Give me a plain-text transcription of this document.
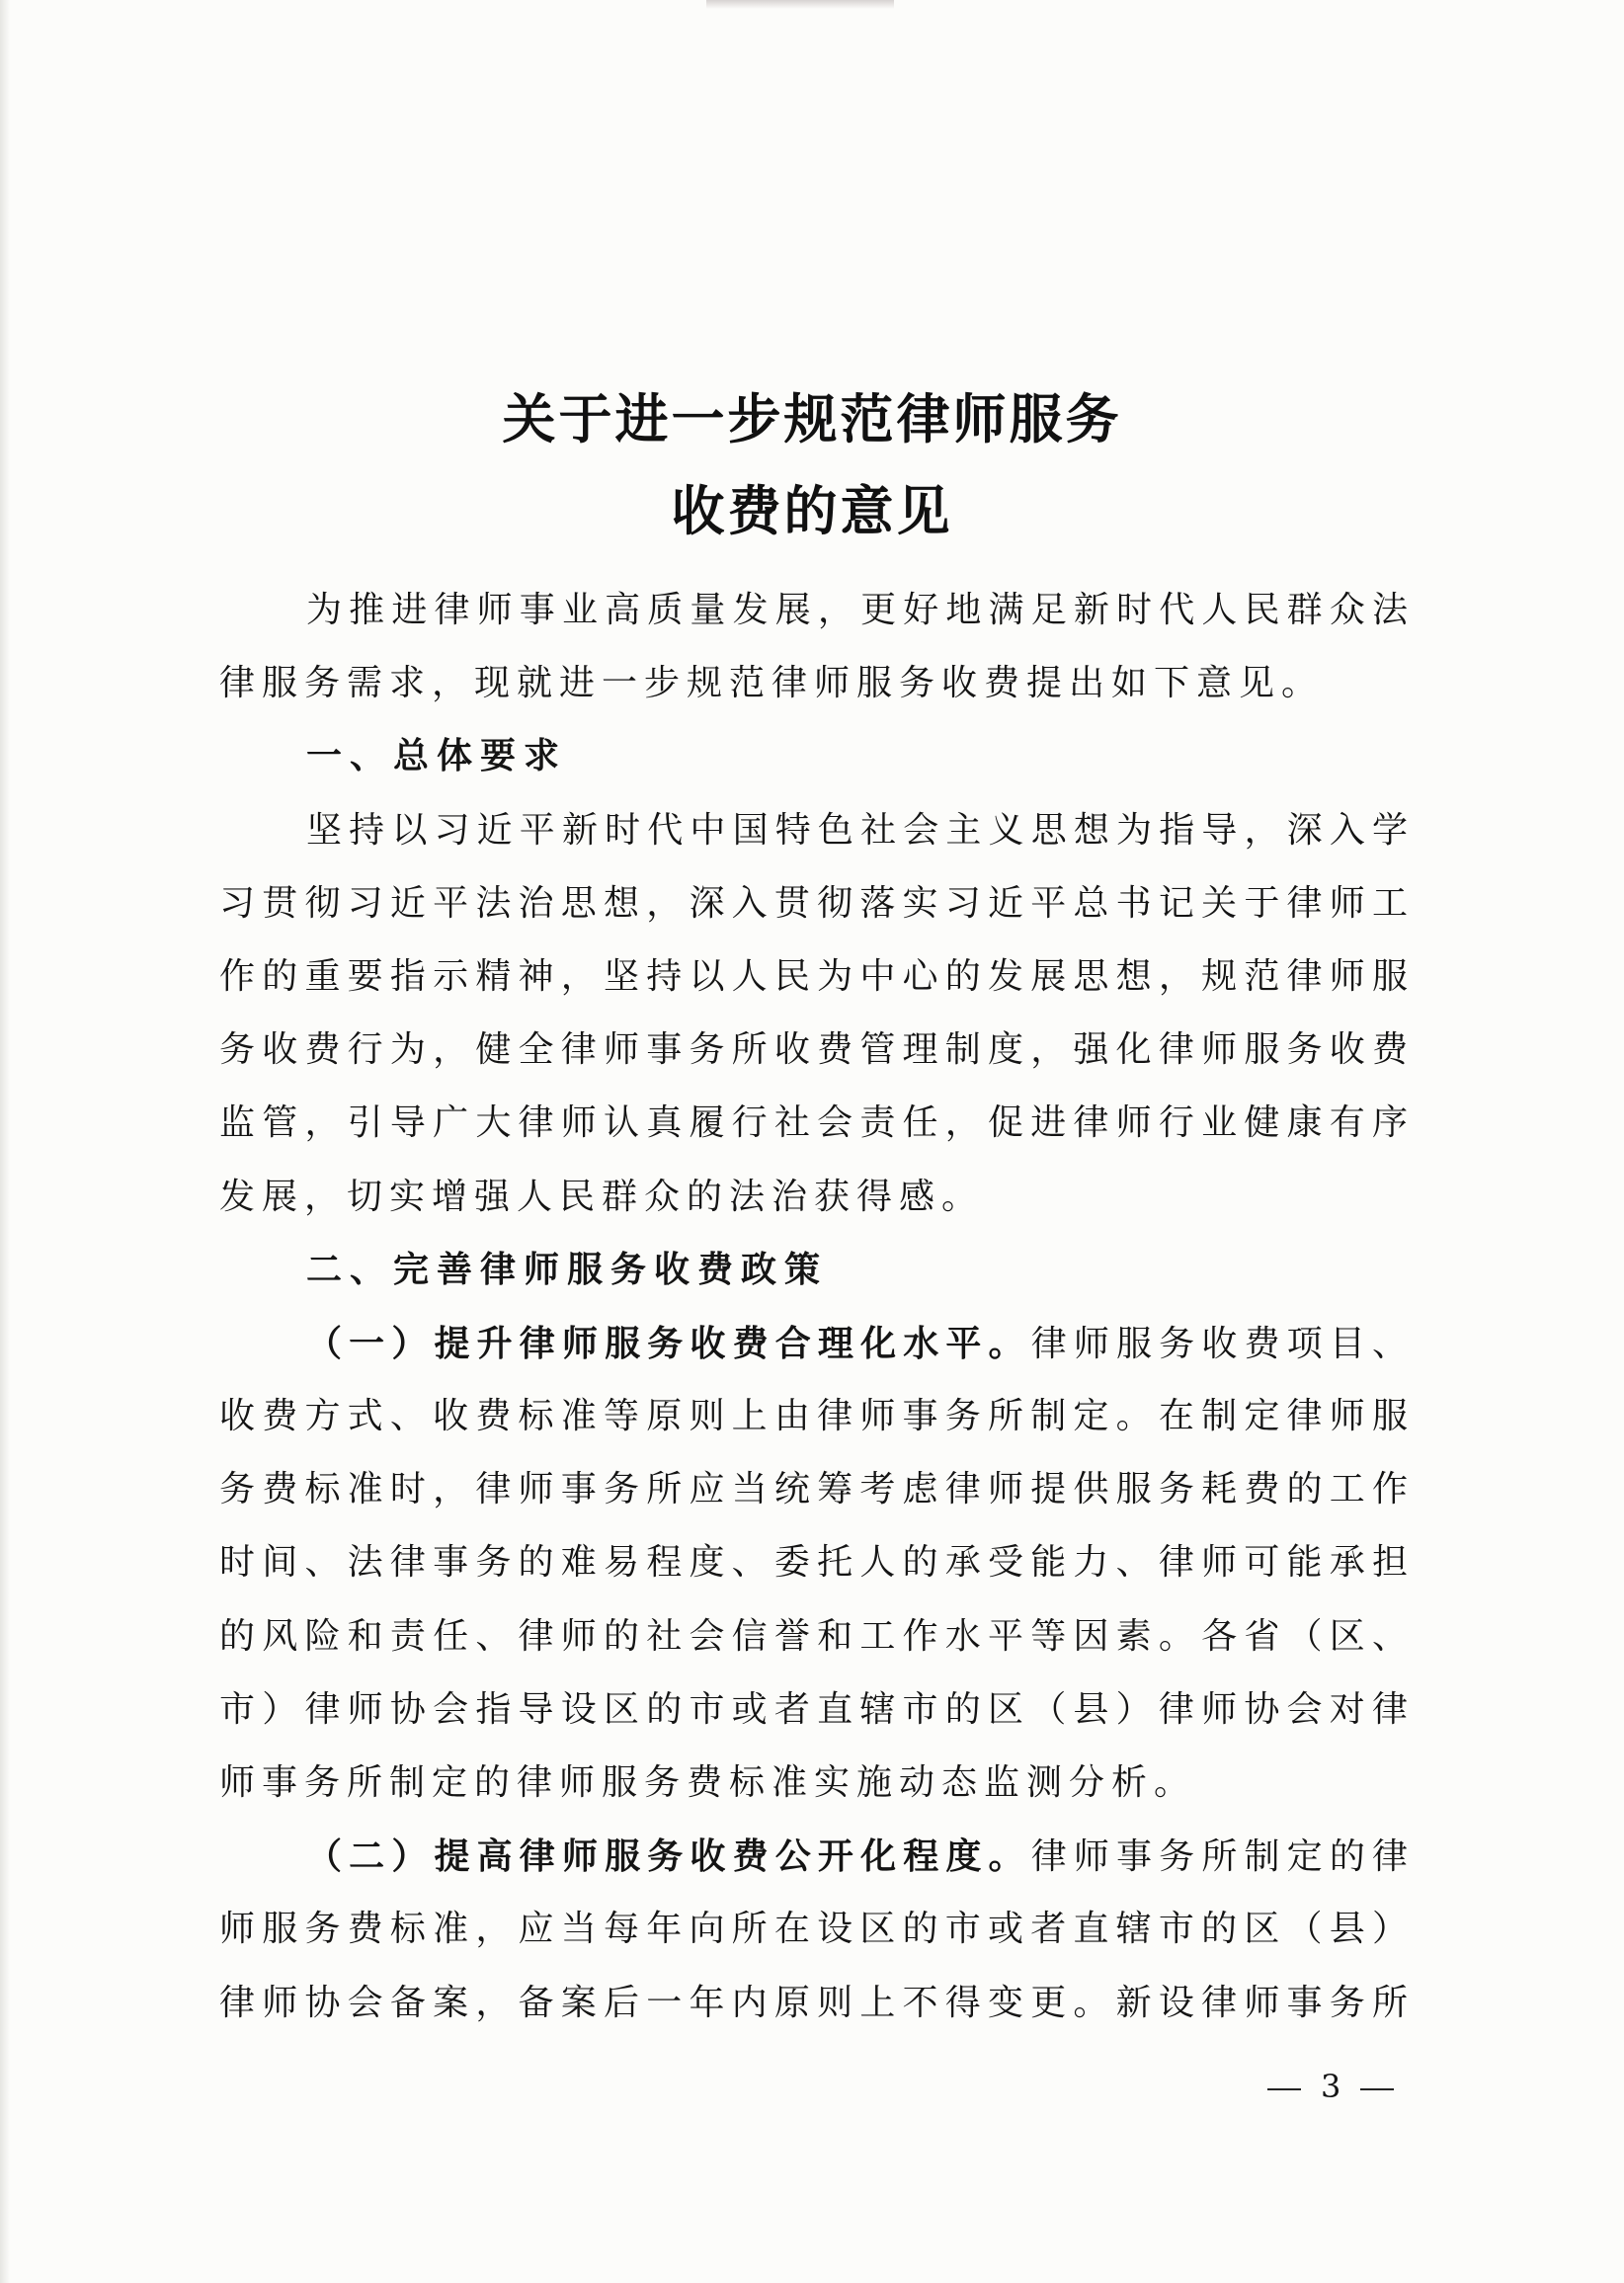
关于进一步规范律师服务
收费的意见
为推进律师事业高质量发展，更好地满足新时代人民群众法
律服务需求，现就进一步规范律师服务收费提出如下意见。
一、总体要求
坚持以习近平新时代中国特色社会主义思想为指导，深入学
习贯彻习近平法治思想，深入贯彻落实习近平总书记关于律师工
作的重要指示精神，坚持以人民为中心的发展思想，规范律师服
务收费行为，健全律师事务所收费管理制度，强化律师服务收费
监管，引导广大律师认真履行社会责任，促进律师行业健康有序
发展，切实增强人民群众的法治获得感。
二、完善律师服务收费政策
（一）提升律师服务收费合理化水平。律师服务收费项目、
收费方式、收费标准等原则上由律师事务所制定。在制定律师服
务费标准时，律师事务所应当统筹考虑律师提供服务耗费的工作
时间、法律事务的难易程度、委托人的承受能力、律师可能承担
的风险和责任、律师的社会信誉和工作水平等因素。各省（区、
市）律师协会指导设区的市或者直辖市的区（县）律师协会对律
师事务所制定的律师服务费标准实施动态监测分析。
（二）提高律师服务收费公开化程度。律师事务所制定的律
师服务费标准，应当每年向所在设区的市或者直辖市的区（县）
律师协会备案，备案后一年内原则上不得变更。新设律师事务所
3
